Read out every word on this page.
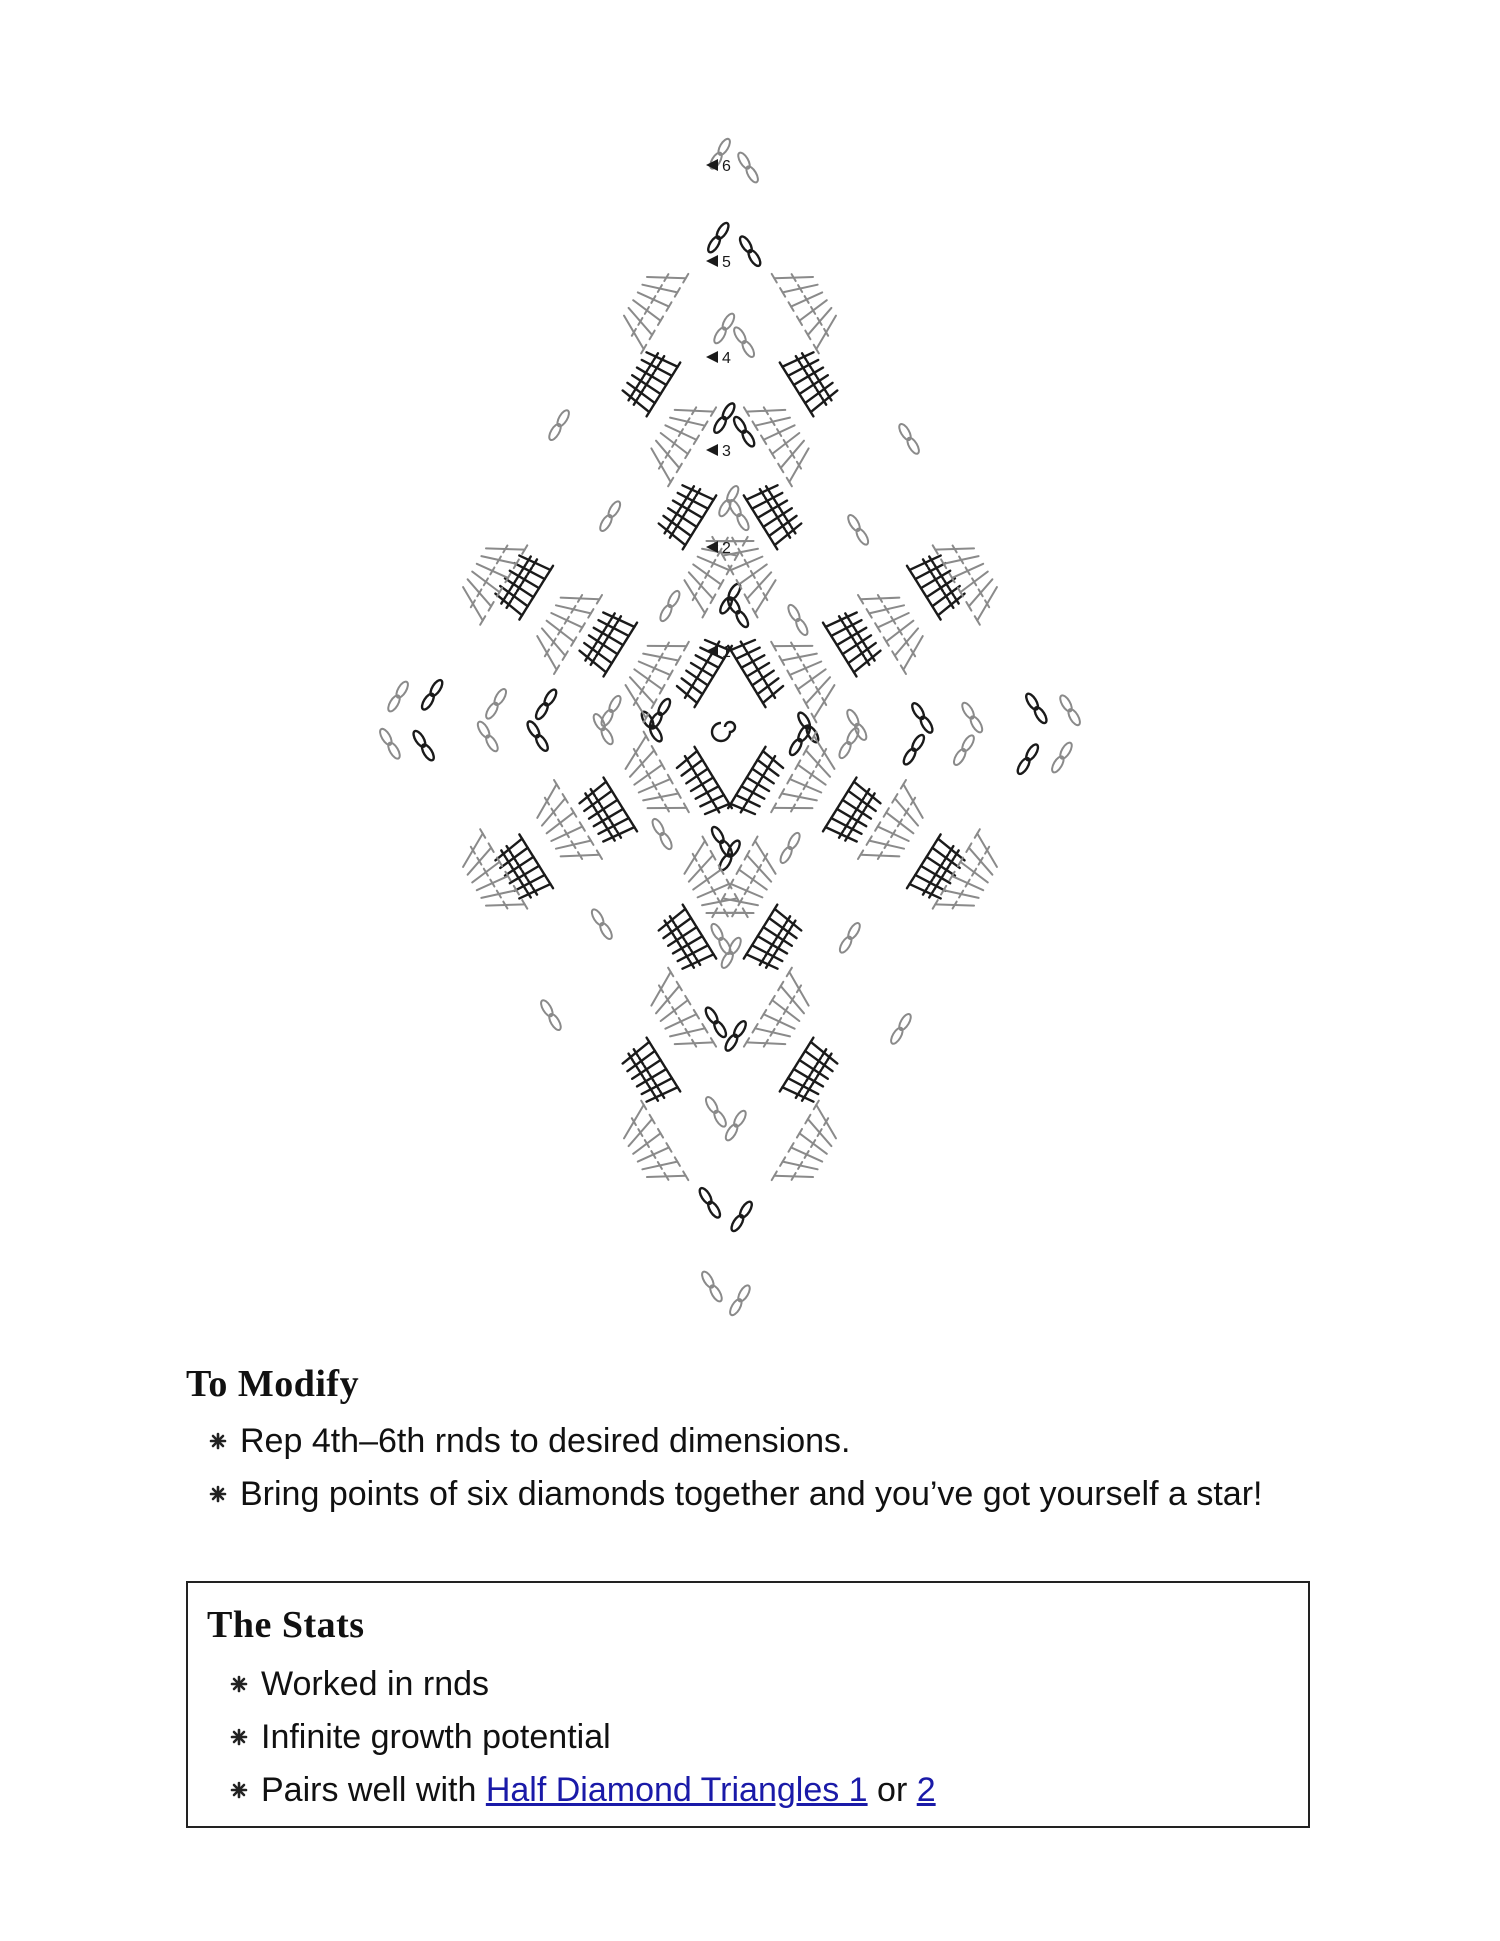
1
2
3
4
5
6
To Modify
Rep 4th–6th rnds to desired dimensions.
Bring points of six diamonds together and you’ve got yourself a star!
The Stats
Worked in rnds
Infinite growth potential
Pairs well with Half Diamond Triangles 1 or 2
